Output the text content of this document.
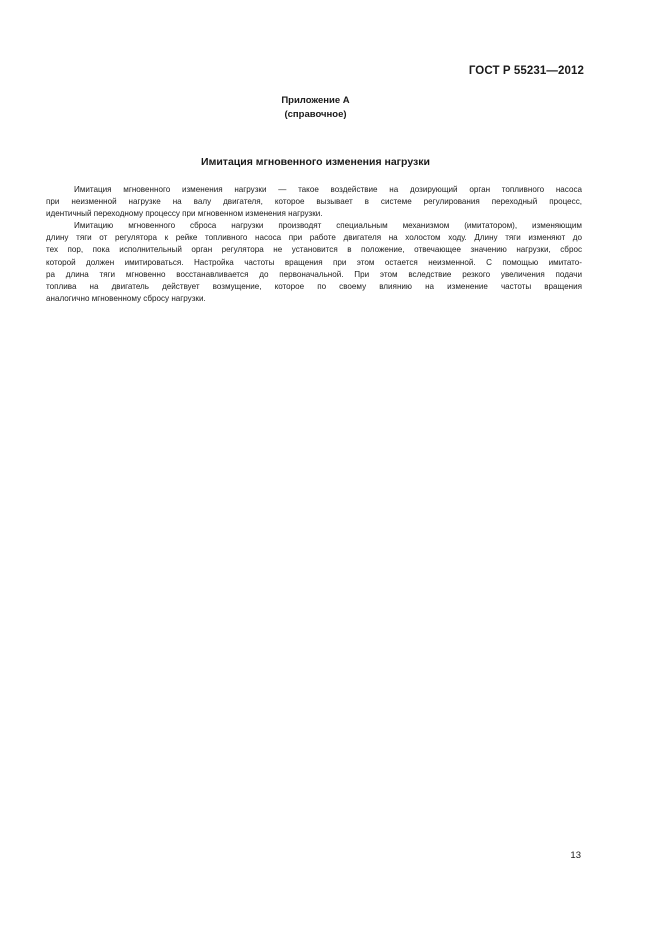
ГОСТ Р 55231—2012
Приложение А
(справочное)
Имитация мгновенного изменения нагрузки

Имитация мгновенного изменения нагрузки — такое воздействие на дозирующий орган топливного насоса
при неизменной нагрузке на валу двигателя, которое вызывает в системе регулирования переходный процесс,
идентичный переходному процессу при мгновенном изменения нагрузки.

Имитацию мгновенного сброса нагрузки производят специальным механизмом (имитатором), изменяющим
длину тяги от регулятора к рейке топливного насоса при работе двигателя на холостом ходу. Длину тяги изменяют до
тех пор, пока исполнительный орган регулятора не установится в положение, отвечающее значению нагрузки, сброс
которой должен имитироваться. Настройка частоты вращения при этом остается неизменной. С помощью имитато-
ра длина тяги мгновенно восстанавливается до первоначальной. При этом вследствие резкого увеличения подачи
топлива на двигатель действует возмущение, которое по своему влиянию на изменение частоты вращения
аналогично мгновенному сбросу нагрузки.

13
